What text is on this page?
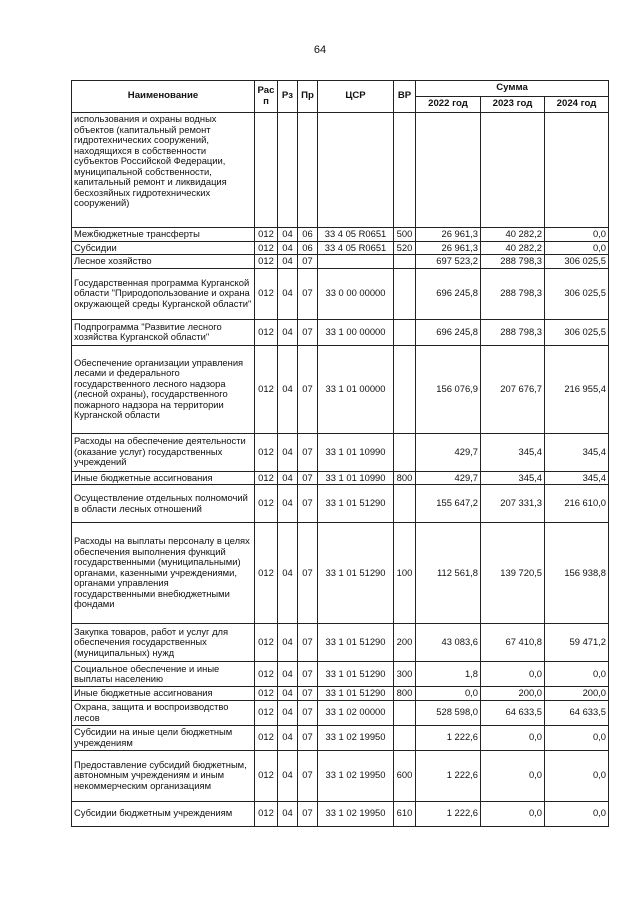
64
Наименование	Рас п	Рз	Пр	ЦСР	ВР	Сумма		
						2022 год	2023 год	2024 год
использования и охраны водных объектов (капитальный ремонт гидротехнических сооружений, находящихся в собственности субъектов Российской Федерации, муниципальной собственности, капитальный ремонт и ликвидация бесхозяйных гидротехнических сооружений)								
Межбюджетные трансферты	012	04	06	33 4 05 R0651	500	26 961,3	40 282,2	0,0
Субсидии	012	04	06	33 4 05 R0651	520	26 961,3	40 282,2	0,0
Лесное хозяйство	012	04	07			697 523,2	288 798,3	306 025,5
Государственная программа Курганской области "Природопользование и охрана окружающей среды Курганской области"	012	04	07	33 0 00 00000		696 245,8	288 798,3	306 025,5
Подпрограмма "Развитие лесного хозяйства Курганской области"	012	04	07	33 1 00 00000		696 245,8	288 798,3	306 025,5
Обеспечение организации управления лесами и федерального государственного лесного надзора (лесной охраны), государственного пожарного надзора на территории Курганской области	012	04	07	33 1 01 00000		156 076,9	207 676,7	216 955,4
Расходы на обеспечение деятельности (оказание услуг) государственных учреждений	012	04	07	33 1 01 10990		429,7	345,4	345,4
Иные бюджетные ассигнования	012	04	07	33 1 01 10990	800	429,7	345,4	345,4
Осуществление отдельных полномочий в области лесных отношений	012	04	07	33 1 01 51290		155 647,2	207 331,3	216 610,0
Расходы на выплаты персоналу в целях обеспечения выполнения функций государственными (муниципальными) органами, казенными учреждениями, органами управления государственными внебюджетными фондами	012	04	07	33 1 01 51290	100	112 561,8	139 720,5	156 938,8
Закупка товаров, работ и услуг для обеспечения государственных (муниципальных) нужд	012	04	07	33 1 01 51290	200	43 083,6	67 410,8	59 471,2
Социальное обеспечение и иные выплаты населению	012	04	07	33 1 01 51290	300	1,8	0,0	0,0
Иные бюджетные ассигнования	012	04	07	33 1 01 51290	800	0,0	200,0	200,0
Охрана, защита и воспроизводство лесов	012	04	07	33 1 02 00000		528 598,0	64 633,5	64 633,5
Субсидии на иные цели бюджетным учреждениям	012	04	07	33 1 02 19950		1 222,6	0,0	0,0
Предоставление субсидий бюджетным, автономным учреждениям и иным некоммерческим организациям	012	04	07	33 1 02 19950	600	1 222,6	0,0	0,0
Субсидии бюджетным учреждениям	012	04	07	33 1 02 19950	610	1 222,6	0,0	0,0
